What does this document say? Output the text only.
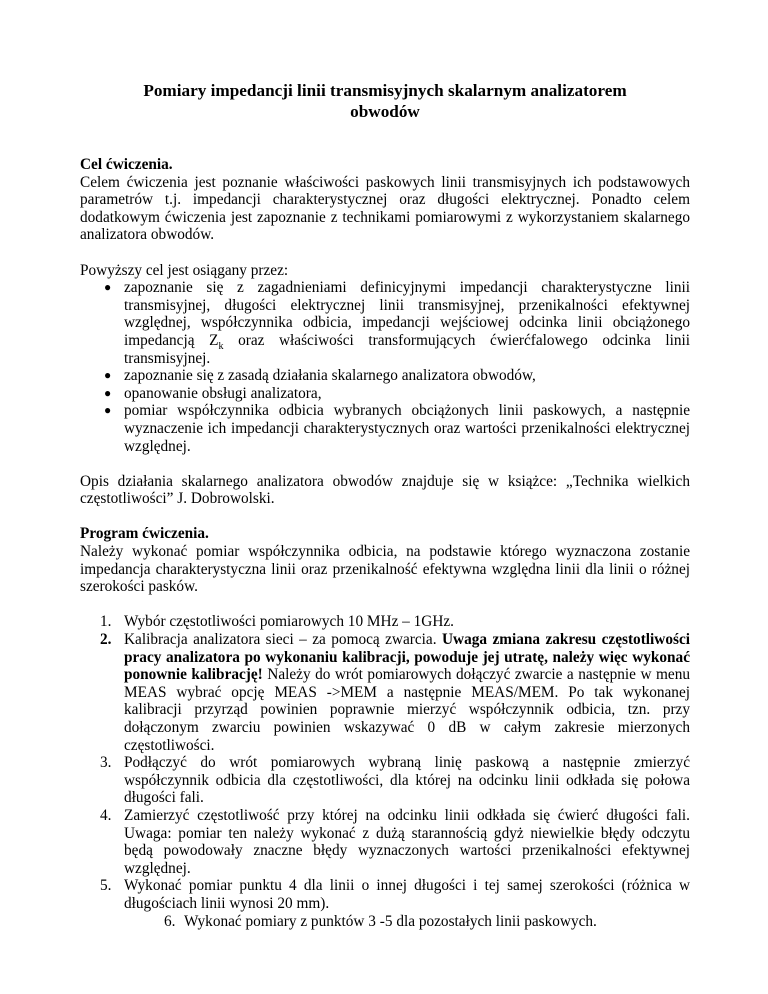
Pomiary impedancji linii transmisyjnych skalarnym analizatorem obwodów
Cel ćwiczenia.

Celem ćwiczenia jest poznanie właściwości paskowych linii transmisyjnych ich podstawowych parametrów t.j. impedancji charakterystycznej oraz długości elektrycznej. Ponadto celem dodatkowym ćwiczenia jest zapoznanie z technikami pomiarowymi z wykorzystaniem skalarnego analizatora obwodów.

Powyższy cel jest osiągany przez:

● zapoznanie się z zagadnieniami definicyjnymi impedancji charakterystyczne linii transmisyjnej, długości elektrycznej linii transmisyjnej, przenikalności efektywnej względnej, współczynnika odbicia, impedancji wejściowej odcinka linii obciążonego impedancją $Z_k$ oraz właściwości transformujących ćwierćfalowego odcinka linii transmisyjnej.
● zapoznanie się z zasadą działania skalarnego analizatora obwodów,
● opanowanie obsługi analizatora,
● pomiar współczynnika odbicia wybranych obciążonych linii paskowych, a następnie wyznaczenie ich impedancji charakterystycznych oraz wartości przenikalności elektrycznej względnej.

Opis działania skalarnego analizatora obwodów znajduje się w książce: „Technika wielkich częstotliwości” J. Dobrowolski.

Program ćwiczenia.

Należy wykonać pomiar współczynnika odbicia, na podstawie którego wyznaczona zostanie impedancja charakterystyczna linii oraz przenikalność efektywna względna linii dla linii o różnej szerokości pasków.

1. Wybór częstotliwości pomiarowych 10 MHz – 1GHz.
2. Kalibracja analizatora sieci – za pomocą zwarcia. Uwaga zmiana zakresu częstotliwości pracy analizatora po wykonaniu kalibracji, powoduje jej utratę, należy więc wykonać ponownie kalibrację! Należy do wrót pomiarowych dołączyć zwarcie a następnie w menu MEAS wybrać opcję MEAS ->MEM a następnie MEAS/MEM. Po tak wykonanej kalibracji przyrząd powinien poprawnie mierzyć współczynnik odbicia, tzn. przy dołączonym zwarciu powinien wskazywać 0 dB w całym zakresie mierzonych częstotliwości.
3. Podłączyć do wrót pomiarowych wybraną linię paskową a następnie zmierzyć współczynnik odbicia dla częstotliwości, dla której na odcinku linii odkłada się połowa długości fali.
4. Zamierzyć częstotliwość przy której na odcinku linii odkłada się ćwierć długości fali. Uwaga: pomiar ten należy wykonać z dużą starannością gdyż niewielkie błędy odczytu będą powodowały znaczne błędy wyznaczonych wartości przenikalności efektywnej względnej.
5. Wykonać pomiar punktu 4 dla linii o innej długości i tej samej szerokości (różnica w długościach linii wynosi 20 mm).
6. Wykonać pomiary z punktów 3 -5 dla pozostałych linii paskowych.
